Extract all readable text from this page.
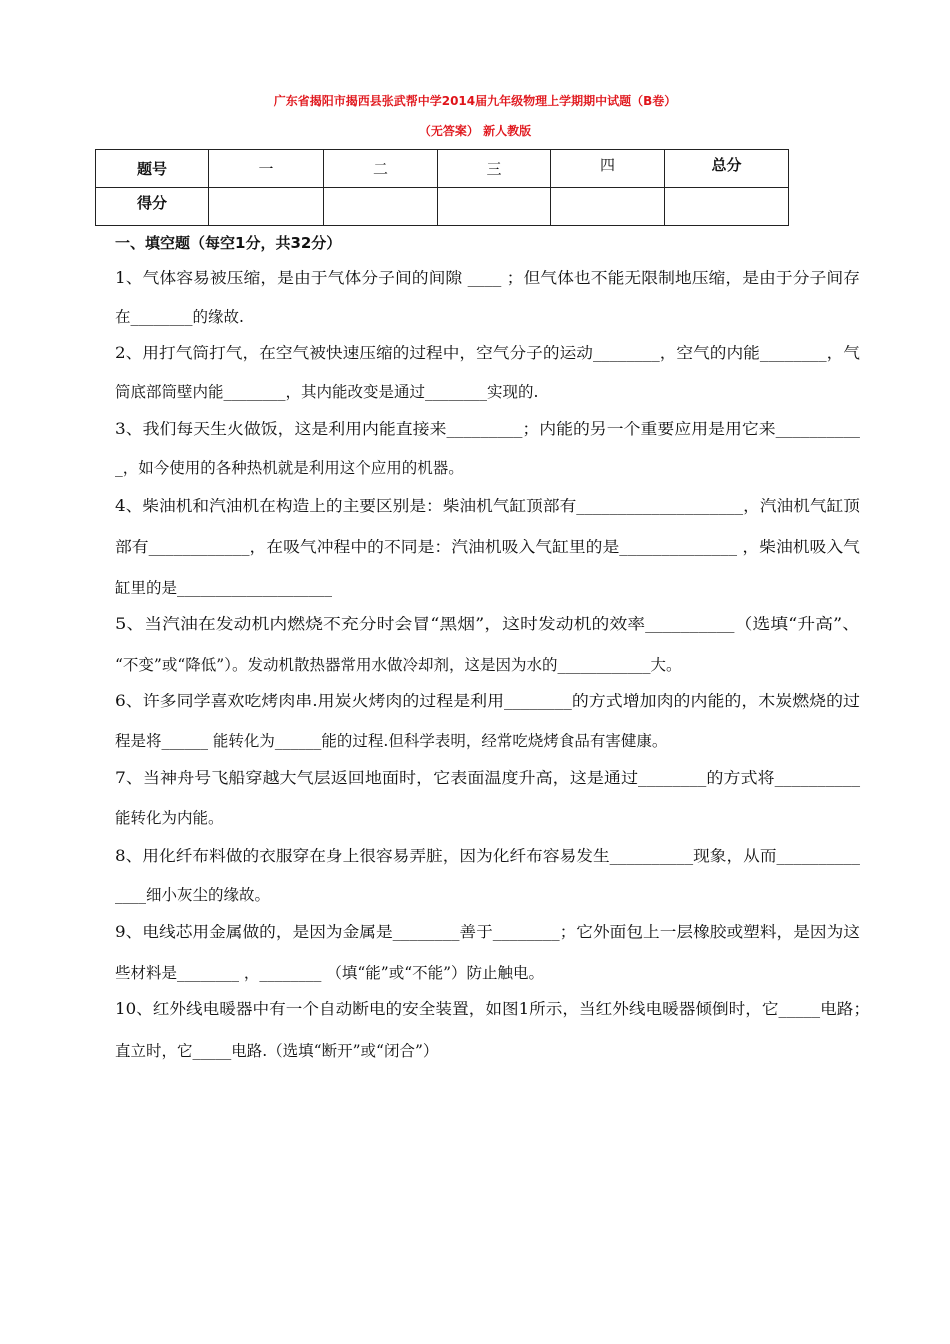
广东省揭阳市揭西县张武帮中学2014届九年级物理上学期期中试题（B卷）
（无答案） 新人教版
题号	一	二	三	四	总分
得分					
一、填空题（每空1分，共32分）
1、气体容易被压缩，是由于气体分子间的间隙 ____ ；但气体也不能无限制地压缩，是由于分子间存
在________的缘故.
2、用打气筒打气，在空气被快速压缩的过程中，空气分子的运动________，空气的内能________，气
筒底部筒壁内能________，其内能改变是通过________实现的.
3、我们每天生火做饭，这是利用内能直接来_________；内能的另一个重要应用是用它来__________
_，如今使用的各种热机就是利用这个应用的机器。
4、柴油机和汽油机在构造上的主要区别是：柴油机气缸顶部有____________________，汽油机气缸顶
部有____________，在吸气冲程中的不同是：汽油机吸入气缸里的是______________ ，柴油机吸入气
缸里的是____________________
5、当汽油在发动机内燃烧不充分时会冒“黑烟”，这时发动机的效率__________（选填“升高”、
“不变”或“降低”）。发动机散热器常用水做冷却剂，这是因为水的____________大。
6、许多同学喜欢吃烤肉串.用炭火烤肉的过程是利用________的方式增加肉的内能的，木炭燃烧的过
程是将______ 能转化为______能的过程.但科学表明，经常吃烧烤食品有害健康。
7、当神舟号飞船穿越大气层返回地面时，它表面温度升高，这是通过________的方式将__________
能转化为内能。
8、用化纤布料做的衣服穿在身上很容易弄脏，因为化纤布容易发生__________现象，从而__________
____细小灰尘的缘故。
9、电线芯用金属做的，是因为金属是________善于________；它外面包上一层橡胶或塑料，是因为这
些材料是________ ，________ （填“能”或“不能”）防止触电。
10、红外线电暖器中有一个自动断电的安全装置，如图1所示，当红外线电暖器倾倒时，它_____电路；
直立时，它_____电路.（选填“断开”或“闭合”）
